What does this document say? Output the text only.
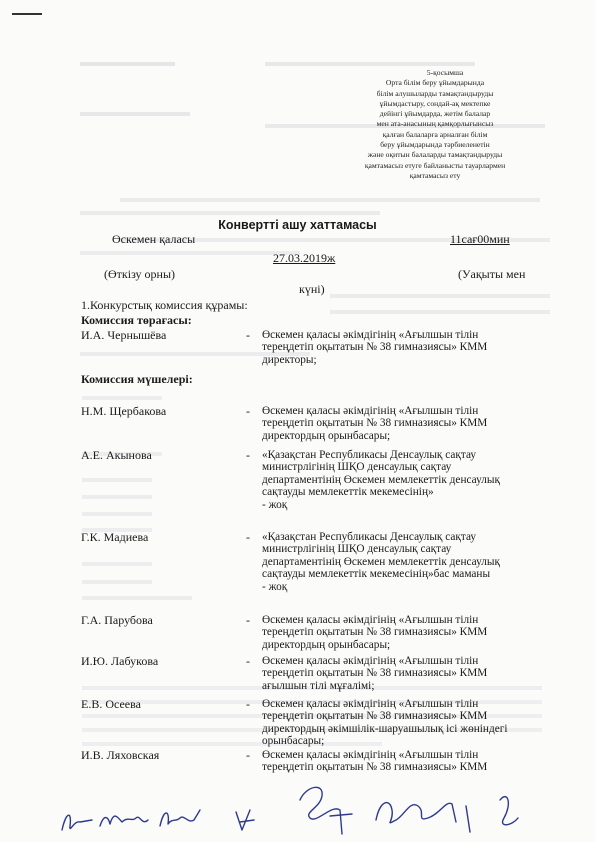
5-қосымша
Орта білім беру ұйымдарында
білім алушыларды тамақтандыруды
ұйымдастыру, сондай-ақ мектепке
дейінгі ұйымдарда, жетім балалар
мен ата-анасының қамқорлығынсыз
қалған балаларға арналған білім
беру ұйымдарында тәрбиеленетін
және оқитын балаларды тамақтандыруды
қамтамасыз етуге байланысты тауарлармен
қамтамасыз ету
Конвертті ашу хаттамасы
Өскемен қаласы	11сағ00мин
27.03.2019ж
(Өткізу орны)	(Уақыты мен
күні)
1.Конкурстық комиссия құрамы:
Комиссия төрағасы:
И.А. Чернышёва	- Өскемен қаласы әкімдігінің «Ағылшын тілін
тереңдетіп оқытатын № 38 гимназиясы» КММ
директоры;
Комиссия мүшелері:
Н.М. Щербакова	- Өскемен қаласы әкімдігінің «Ағылшын тілін
тереңдетіп оқытатын № 38 гимназиясы» КММ
директордың орынбасары;
А.Е. Акынова	- «Қазақстан Республикасы Денсаулық сақтау
министрлігінің ШҚО денсаулық сақтау
департаментінің Өскемен мемлекеттік денсаулық
сақтауды мемлекеттік мекемесінің»
- жоқ
Г.К. Мадиева	- «Қазақстан Республикасы Денсаулық сақтау
министрлігінің ШҚО денсаулық сақтау
департаментінің Өскемен мемлекеттік денсаулық
сақтауды мемлекеттік мекемесінің»бас маманы
- жоқ
Г.А. Парубова	- Өскемен қаласы әкімдігінің «Ағылшын тілін
тереңдетіп оқытатын № 38 гимназиясы» КММ
директордың орынбасары;
И.Ю. Лабукова	- Өскемен қаласы әкімдігінің «Ағылшын тілін
тереңдетіп оқытатын № 38 гимназиясы» КММ
ағылшын тілі мұғалімі;
Е.В. Осеева	- Өскемен қаласы әкімдігінің «Ағылшын тілін
тереңдетіп оқытатын № 38 гимназиясы» КММ
директордың әкімшілік-шаруашылық ісі жөніндегі
орынбасары;
И.В. Ляховская	- Өскемен қаласы әкімдігінің «Ағылшын тілін
тереңдетіп оқытатын № 38 гимназиясы» КММ
